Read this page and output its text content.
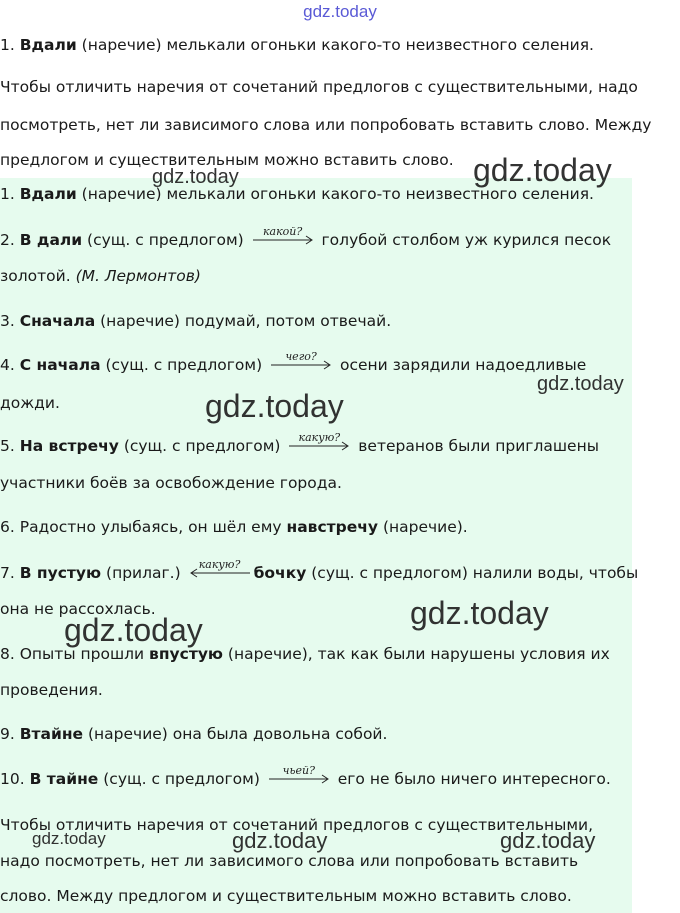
gdz.today
1. Вдали (наречие) мелькали огоньки какого-то неизвестного селения.
Чтобы отличить наречия от сочетаний предлогов с существительными, надо
посмотреть, нет ли зависимого слова или попробовать вставить слово. Между
предлогом и существительным можно вставить слово.
1. Вдали (наречие) мелькали огоньки какого-то неизвестного селения.
2. В дали (сущ. с предлогом)	какой? голубой столбом уж курился песок
золотой. (М. Лермонтов)
3. Сначала (наречие) подумай, потом отвечай.
4. С начала (сущ. с предлогом)	чего?	осени зарядили надоедливые
дожди.
5. На встречу (сущ. с предлогом)	какую? ветеранов были приглашены
участники боёв за освобождение города.
6. Радостно улыбаясь, он шёл ему навстречу (наречие).
7. В пустую (прилаг.)	какую? бочку (сущ. с предлогом) налили воды, чтобы
она не рассохлась.
8. Опыты прошли впустую (наречие), так как были нарушены условия их
проведения.
9. Втайне (наречие) она была довольна собой.
10. В тайне (сущ. с предлогом)	чьей?	его не было ничего интересного.
Чтобы отличить наречия от сочетаний предлогов с существительными,
надо посмотреть, нет ли зависимого слова или попробовать вставить
слово. Между предлогом и существительным можно вставить слово.
gdz.today
gdz.today
gdz.today
gdz.today
gdz.today
gdz.today
gdz.today	gdz.today	gdz.today
